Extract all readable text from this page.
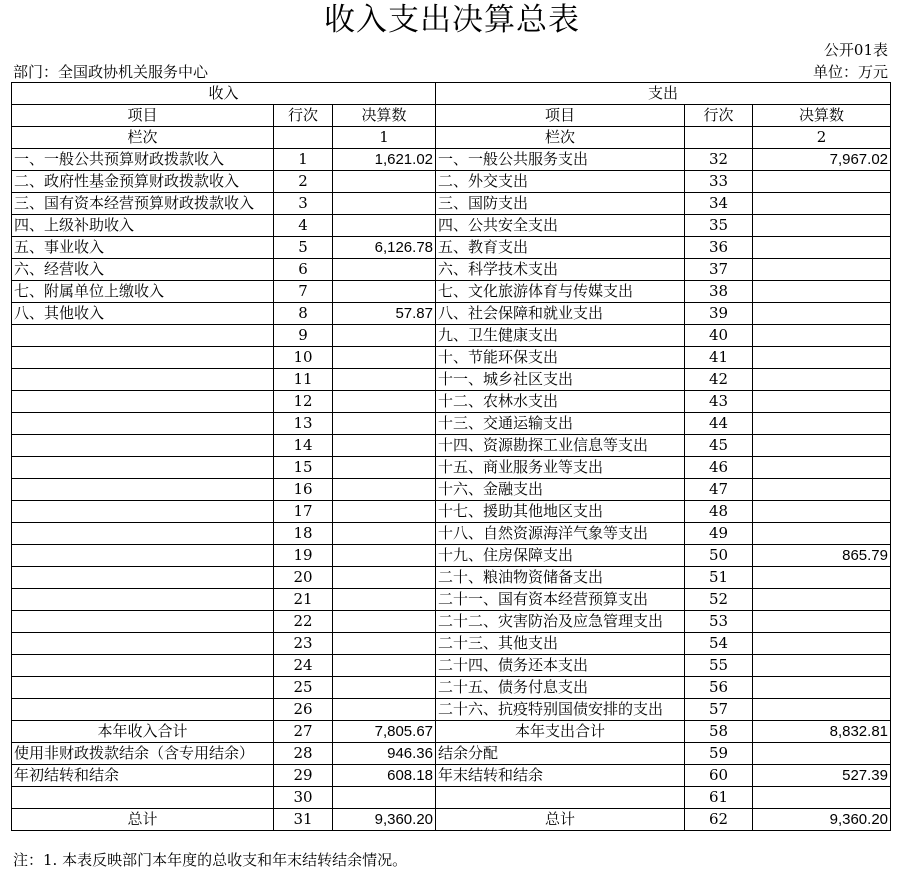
收入支出决算总表
公开01表
部门：全国政协机关服务中心	单位：万元
收入			支出		
项目	行次	决算数	项目	行次	决算数
栏次		1	栏次		2
一、一般公共预算财政拨款收入	1	1,621.02	一、一般公共服务支出	32	7,967.02
二、政府性基金预算财政拨款收入	2		二、外交支出	33	
三、国有资本经营预算财政拨款收入	3		三、国防支出	34	
四、上级补助收入	4		四、公共安全支出	35	
五、事业收入	5	6,126.78	五、教育支出	36	
六、经营收入	6		六、科学技术支出	37	
七、附属单位上缴收入	7		七、文化旅游体育与传媒支出	38	
八、其他收入	8	57.87	八、社会保障和就业支出	39	
	9		九、卫生健康支出	40	
	10		十、节能环保支出	41	
	11		十一、城乡社区支出	42	
	12		十二、农林水支出	43	
	13		十三、交通运输支出	44	
	14		十四、资源勘探工业信息等支出	45	
	15		十五、商业服务业等支出	46	
	16		十六、金融支出	47	
	17		十七、援助其他地区支出	48	
	18		十八、自然资源海洋气象等支出	49	
	19		十九、住房保障支出	50	865.79
	20		二十、粮油物资储备支出	51	
	21		二十一、国有资本经营预算支出	52	
	22		二十二、灾害防治及应急管理支出	53	
	23		二十三、其他支出	54	
	24		二十四、债务还本支出	55	
	25		二十五、债务付息支出	56	
	26		二十六、抗疫特别国债安排的支出	57	
本年收入合计	27	7,805.67	本年支出合计	58	8,832.81
使用非财政拨款结余（含专用结余）	28	946.36	结余分配	59	
年初结转和结余	29	608.18	年末结转和结余	60	527.39
	30			61	
总计	31	9,360.20	总计	62	9,360.20
注：1. 本表反映部门本年度的总收支和年末结转结余情况。
